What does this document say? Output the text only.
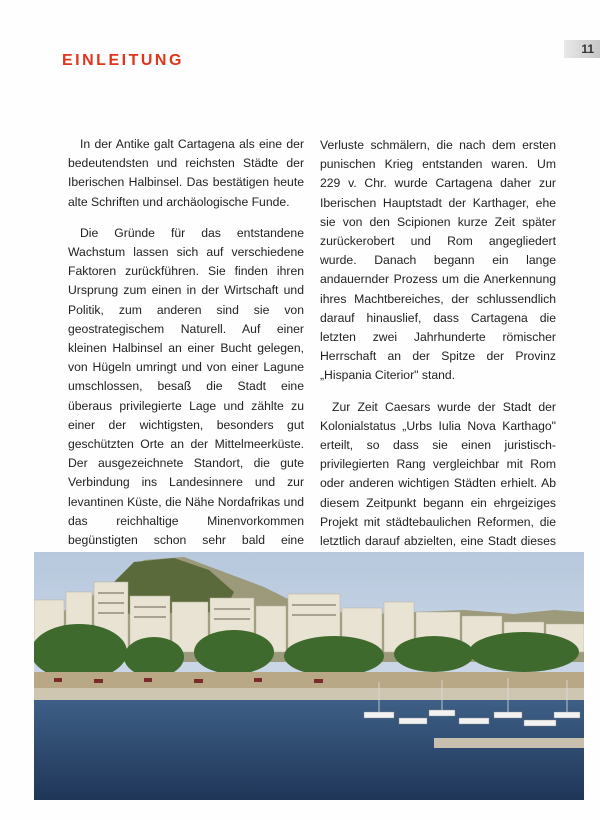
11
EINLEITUNG

In der Antike galt Cartagena als eine der bedeutendsten und reichsten Städte der Iberischen Halbinsel. Das bestätigen heute alte Schriften und archäologische Funde.

Die Gründe für das entstandene Wachstum lassen sich auf verschiedene Faktoren zurückführen. Sie finden ihren Ursprung zum einen in der Wirtschaft und Politik, zum anderen sind sie von geostrategischem Naturell. Auf einer kleinen Halbinsel an einer Bucht gelegen, von Hügeln umringt und von einer Lagune umschlossen, besaß die Stadt eine überaus privilegierte Lage und zählte zu einer der wichtigsten, besonders gut geschützten Orte an der Mittelmeerküste. Der ausgezeichnete Standort, die gute Verbindung ins Landesinnere und zur levantinen Küste, die Nähe Nordafrikas und das reichhaltige Minenvorkommen begünstigten schon sehr bald eine

Verluste schmälern, die nach dem ersten punischen Krieg entstanden waren. Um 229 v. Chr. wurde Cartagena daher zur Iberischen Hauptstadt der Karthager, ehe sie von den Scipionen kurze Zeit später zurückerobert und Rom angegliedert wurde. Danach begann ein lange andauernder Prozess um die Anerkennung ihres Machtbereiches, der schlussendlich darauf hinauslief, dass Cartagena die letzten zwei Jahrhunderte römischer Herrschaft an der Spitze der Provinz „Hispania Citerior" stand.

Zur Zeit Caesars wurde der Stadt der Kolonialstatus „Urbs Iulia Nova Karthago" erteilt, so dass sie einen juristisch-privilegierten Rang vergleichbar mit Rom oder anderen wichtigen Städten erhielt. Ab diesem Zeitpunkt begann ein ehrgeiziges Projekt mit städtebaulichen Reformen, die letztlich darauf abzielten, eine Stadt dieses
